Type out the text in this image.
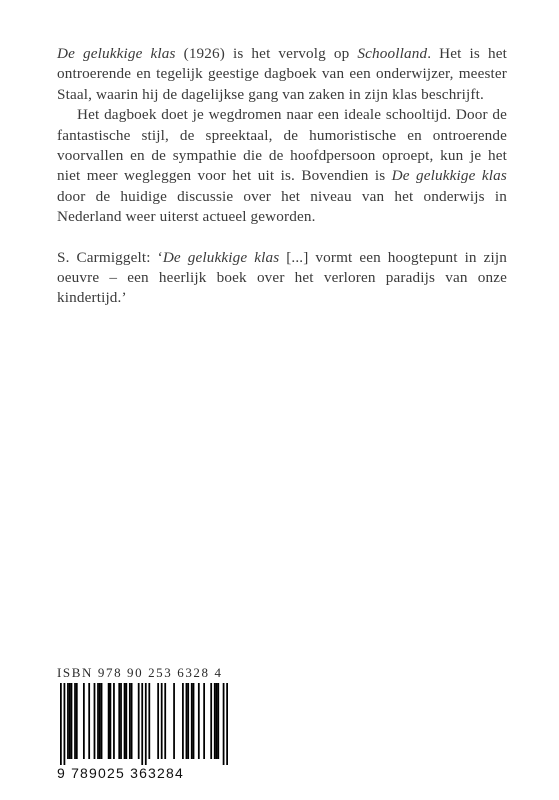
De gelukkige klas (1926) is het vervolg op Schoolland. Het is het ontroerende en tegelijk geestige dagboek van een onderwijzer, meester Staal, waarin hij de dagelijkse gang van zaken in zijn klas beschrijft.

Het dagboek doet je wegdromen naar een ideale schooltijd. Door de fantastische stijl, de spreektaal, de humoristische en ontroerende voorvallen en de sympathie die de hoofdpersoon oproept, kun je het niet meer wegleggen voor het uit is. Bovendien is De gelukkige klas door de huidige discussie over het niveau van het onderwijs in Nederland weer uiterst actueel geworden.

S. Carmiggelt: ‘De gelukkige klas [...] vormt een hoogtepunt in zijn oeuvre – een heerlijk boek over het verloren paradijs van onze kindertijd.’

ISBN 978 90 253 6328 4
9 789025 363284
